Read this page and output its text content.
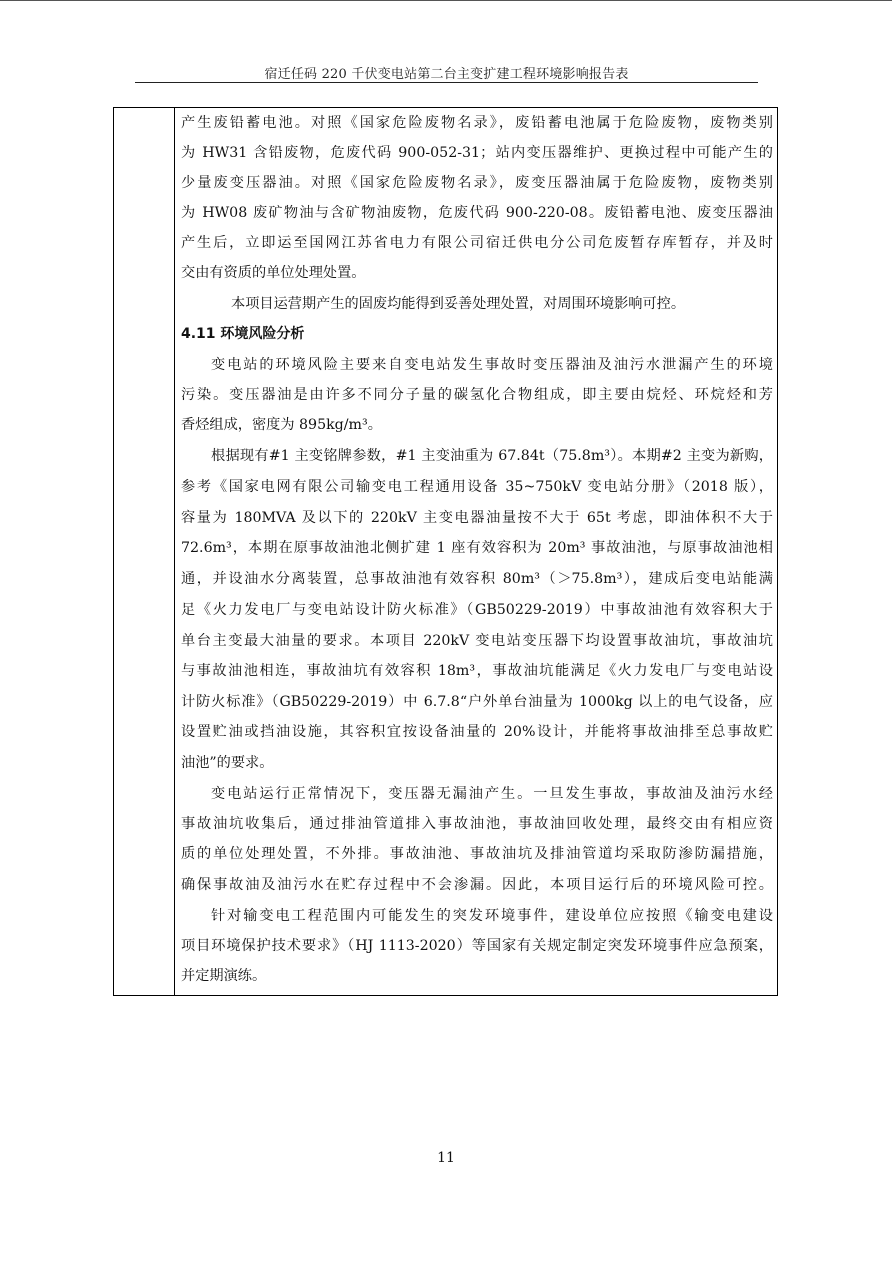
宿迁任码 220 千伏变电站第二台主变扩建工程环境影响报告表
产生废铅蓄电池。对照《国家危险废物名录》，废铅蓄电池属于危险废物，废物类别
为 HW31 含铅废物，危废代码 900-052-31；站内变压器维护、更换过程中可能产生的
少量废变压器油。对照《国家危险废物名录》，废变压器油属于危险废物，废物类别
为 HW08 废矿物油与含矿物油废物，危废代码 900-220-08。废铅蓄电池、废变压器油
产生后，立即运至国网江苏省电力有限公司宿迁供电分公司危废暂存库暂存，并及时
交由有资质的单位处理处置。
本项目运营期产生的固废均能得到妥善处理处置，对周围环境影响可控。
4.11 环境风险分析
变电站的环境风险主要来自变电站发生事故时变压器油及油污水泄漏产生的环境
污染。变压器油是由许多不同分子量的碳氢化合物组成，即主要由烷烃、环烷烃和芳
香烃组成，密度为 895kg/m³。
根据现有#1 主变铭牌参数，#1 主变油重为 67.84t（75.8m³）。本期#2 主变为新购，
参考《国家电网有限公司输变电工程通用设备 35~750kV 变电站分册》（2018 版），
容量为 180MVA 及以下的 220kV 主变电器油量按不大于 65t 考虑，即油体积不大于
72.6m³，本期在原事故油池北侧扩建 1 座有效容积为 20m³ 事故油池，与原事故油池相
通，并设油水分离装置，总事故油池有效容积 80m³（＞75.8m³），建成后变电站能满
足《火力发电厂与变电站设计防火标准》（GB50229-2019）中事故油池有效容积大于
单台主变最大油量的要求。本项目 220kV 变电站变压器下均设置事故油坑，事故油坑
与事故油池相连，事故油坑有效容积 18m³，事故油坑能满足《火力发电厂与变电站设
计防火标准》（GB50229-2019）中 6.7.8“户外单台油量为 1000kg 以上的电气设备，应
设置贮油或挡油设施，其容积宜按设备油量的 20%设计，并能将事故油排至总事故贮
油池”的要求。
变电站运行正常情况下，变压器无漏油产生。一旦发生事故，事故油及油污水经
事故油坑收集后，通过排油管道排入事故油池，事故油回收处理，最终交由有相应资
质的单位处理处置，不外排。事故油池、事故油坑及排油管道均采取防渗防漏措施，
确保事故油及油污水在贮存过程中不会渗漏。因此，本项目运行后的环境风险可控。
针对输变电工程范围内可能发生的突发环境事件，建设单位应按照《输变电建设
项目环境保护技术要求》（HJ 1113-2020）等国家有关规定制定突发环境事件应急预案，
并定期演练。
11
